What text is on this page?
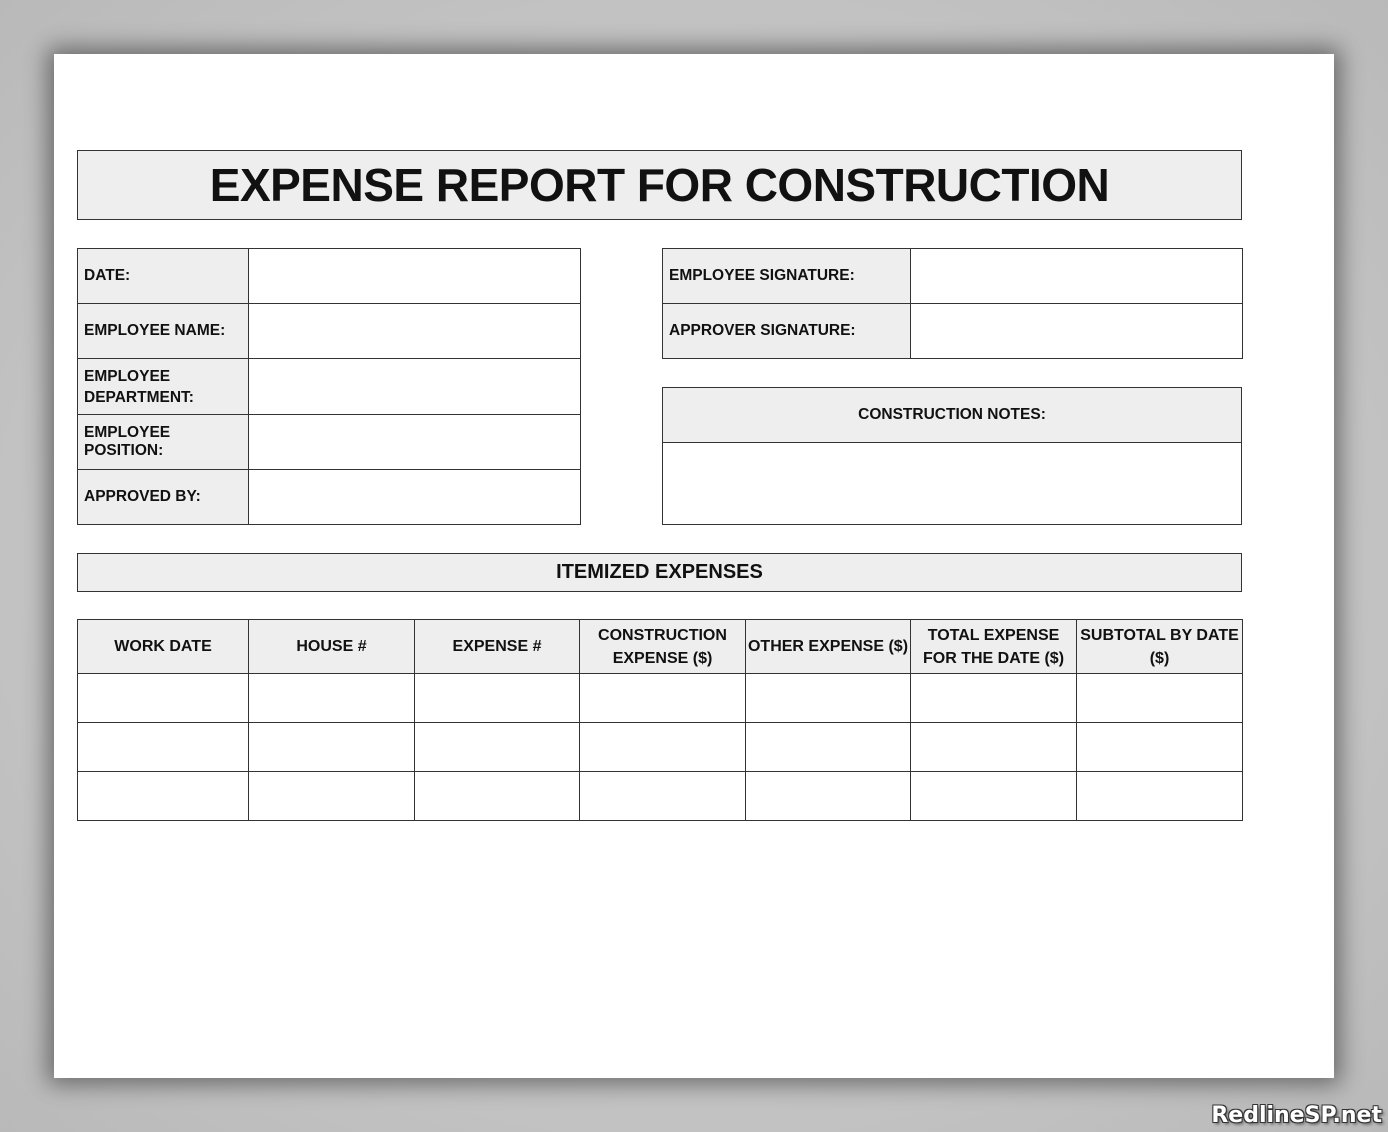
EXPENSE REPORT FOR CONSTRUCTION
DATE:	
EMPLOYEE NAME:	
EMPLOYEE DEPARTMENT:	
EMPLOYEE POSITION:	
APPROVED BY:	
EMPLOYEE SIGNATURE:	
APPROVER SIGNATURE:	
CONSTRUCTION NOTES:

ITEMIZED EXPENSES
WORK DATE	HOUSE #	EXPENSE #	CONSTRUCTION EXPENSE ($)	OTHER EXPENSE ($)	TOTAL EXPENSE FOR THE DATE ($)	SUBTOTAL BY DATE ($)

RedlineSP.net
